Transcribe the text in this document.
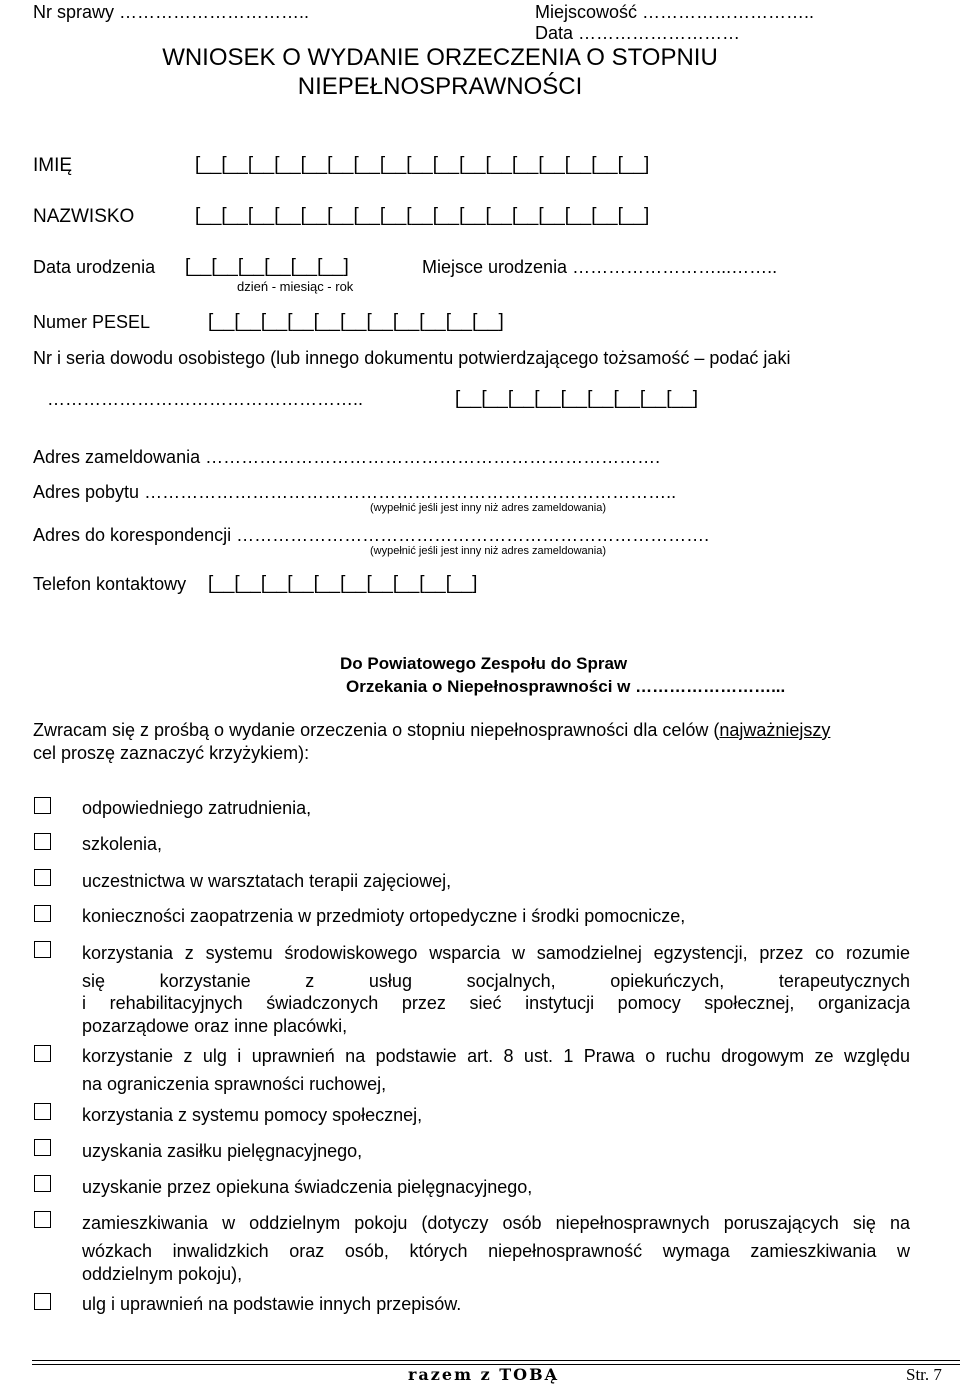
Nr sprawy …………………………..	Miejscowość ………………………..
Data ………………………
WNIOSEK O WYDANIE ORZECZENIA O STOPNIU
NIEPEŁNOSPRAWNOŚCI
IMIĘ	[__[__[__[__[__[__[__[__[__[__[__[__[__[__[__[__[__]
NAZWISKO	[__[__[__[__[__[__[__[__[__[__[__[__[__[__[__[__[__]
Data urodzenia [__[__[__[__[__[__]
dzień - miesiąc - rok
Miejsce urodzenia ……………………...……..
Numer PESEL	[__[__[__[__[__[__[__[__[__[__[__]
Nr i seria dowodu osobistego (lub innego dokumentu potwierdzającego tożsamość – podać jaki
……………………………………………..	[__[__[__[__[__[__[__[__[__]
Adres zameldowania ………………………………………………………………….
Adres pobytu ……………………………………………………………………………..
(wypełnić jeśli jest inny niż adres zameldowania)
Adres do korespondencji …………………………………………………………………….
(wypełnić jeśli jest inny niż adres zameldowania)
Telefon kontaktowy [__[__[__[__[__[__[__[__[__[__]
Do Powiatowego Zespołu do Spraw
Orzekania o Niepełnosprawności w ……………………...
Zwracam się z prośbą o wydanie orzeczenia o stopniu niepełnosprawności dla celów (najważniejszy
cel proszę zaznaczyć krzyżykiem):
odpowiedniego zatrudnienia,
szkolenia,
uczestnictwa w warsztatach terapii zajęciowej,
konieczności zaopatrzenia w przedmioty ortopedyczne i środki pomocnicze,
korzystania z systemu środowiskowego wsparcia w samodzielnej egzystencji, przez co rozumie
się korzystanie z usług socjalnych, opiekuńczych, terapeutycznych
i rehabilitacyjnych świadczonych przez sieć instytucji pomocy społecznej, organizacja
pozarządowe oraz inne placówki,
korzystanie z ulg i uprawnień na podstawie art. 8 ust. 1 Prawa o ruchu drogowym ze względu
na ograniczenia sprawności ruchowej,
korzystania z systemu pomocy społecznej,
uzyskania zasiłku pielęgnacyjnego,
uzyskanie przez opiekuna świadczenia pielęgnacyjnego,
zamieszkiwania w oddzielnym pokoju (dotyczy osób niepełnosprawnych poruszających się na
wózkach inwalidzkich oraz osób, których niepełnosprawność wymaga zamieszkiwania w
oddzielnym pokoju),
ulg i uprawnień na podstawie innych przepisów.
razem z TOBĄ	Str. 7
